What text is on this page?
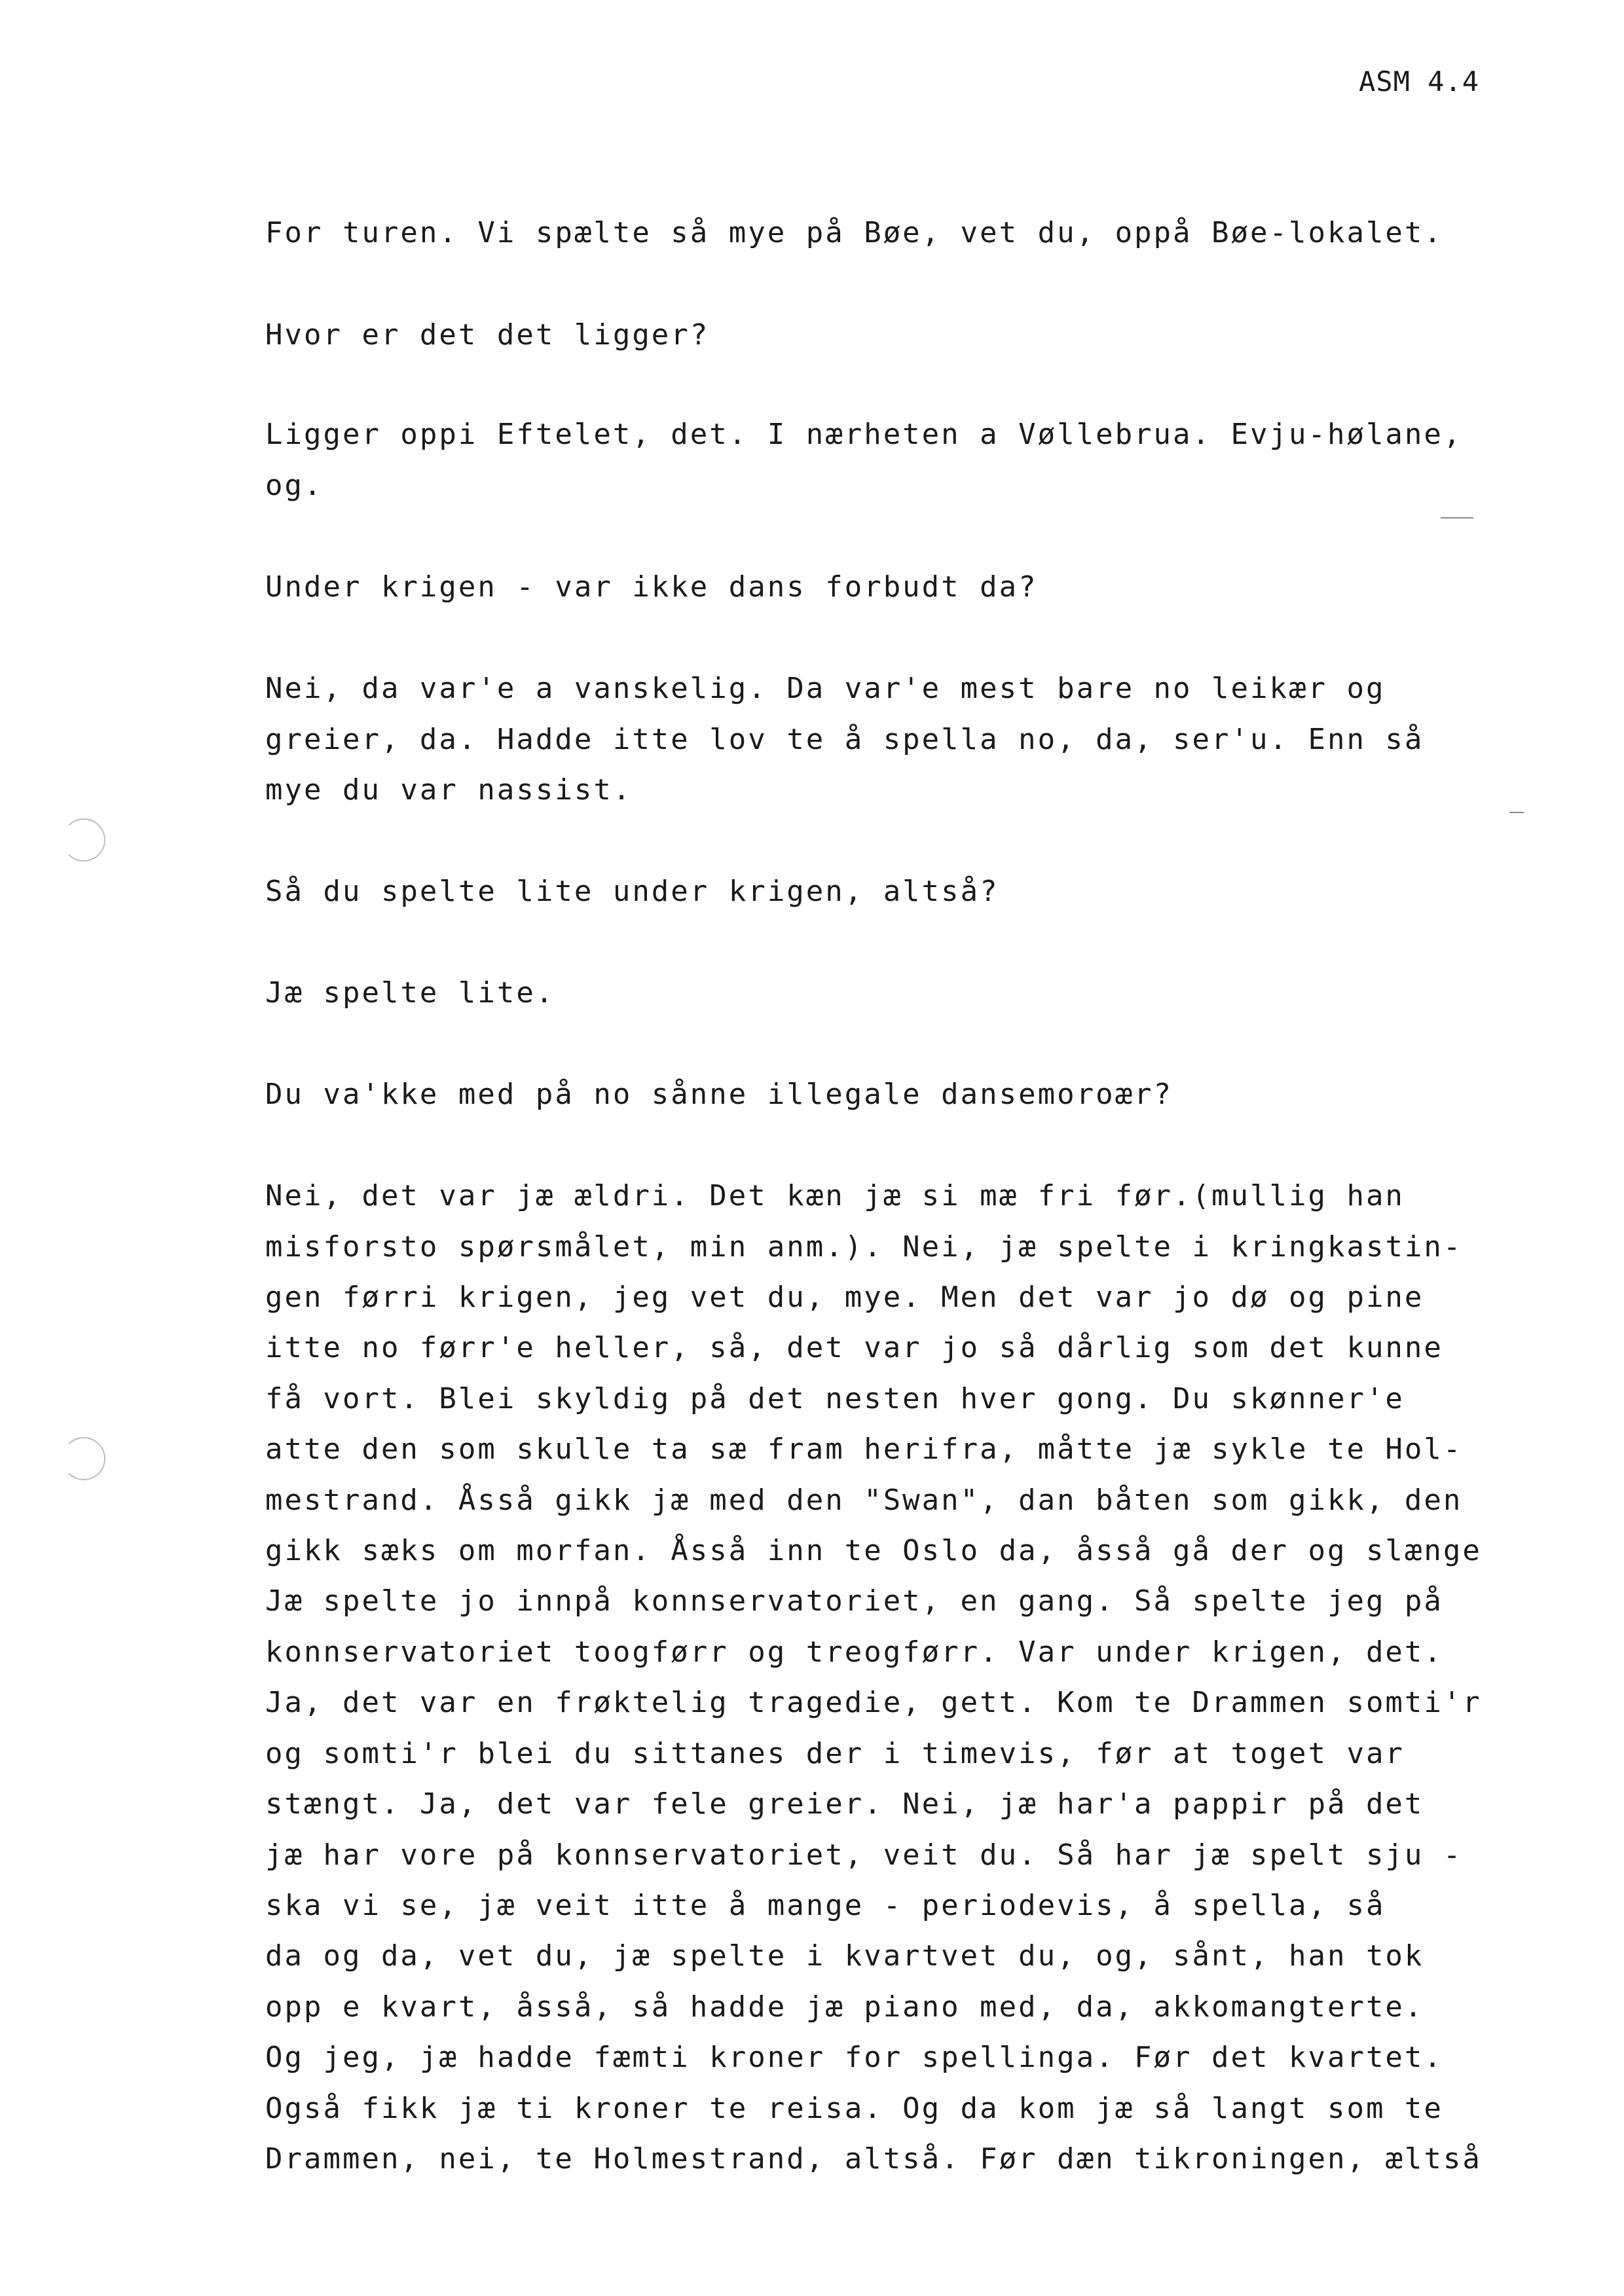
ASM 4.4
For turen. Vi spælte så mye på Bøe, vet du, oppå Bøe-lokalet.
Hvor er det det ligger?
Ligger oppi Eftelet, det. I nærheten a Vøllebrua. Evju-hølane,
og.
Under krigen - var ikke dans forbudt da?
Nei, da var'e a vanskelig. Da var'e mest bare no leikær og
greier, da. Hadde itte lov te å spella no, da, ser'u. Enn så
mye du var nassist.
Så du spelte lite under krigen, altså?
Jæ spelte lite.
Du va'kke med på no sånne illegale dansemoroær?
Nei, det var jæ ældri. Det kæn jæ si mæ fri før.(mullig han
misforsto spørsmålet, min anm.). Nei, jæ spelte i kringkastin-
gen førri krigen, jeg vet du, mye. Men det var jo dø og pine
itte no førr'e heller, så, det var jo så dårlig som det kunne
få vort. Blei skyldig på det nesten hver gong. Du skønner'e
atte den som skulle ta sæ fram herifra, måtte jæ sykle te Hol-
mestrand. Åsså gikk jæ med den "Swan", dan båten som gikk, den
gikk sæks om morfan. Åsså inn te Oslo da, åsså gå der og slænge
Jæ spelte jo innpå konnservatoriet, en gang. Så spelte jeg på
konnservatoriet toogførr og treogførr. Var under krigen, det.
Ja, det var en frøktelig tragedie, gett. Kom te Drammen somti'r
og somti'r blei du sittanes der i timevis, før at toget var
stængt. Ja, det var fele greier. Nei, jæ har'a pappir på det
jæ har vore på konnservatoriet, veit du. Så har jæ spelt sju -
ska vi se, jæ veit itte å mange - periodevis, å spella, så
da og da, vet du, jæ spelte i kvartvet du, og, sånt, han tok
opp e kvart, åsså, så hadde jæ piano med, da, akkomangterte.
Og jeg, jæ hadde fæmti kroner for spellinga. Før det kvartet.
Også fikk jæ ti kroner te reisa. Og da kom jæ så langt som te
Drammen, nei, te Holmestrand, altså. Før dæn tikroningen, æltså
